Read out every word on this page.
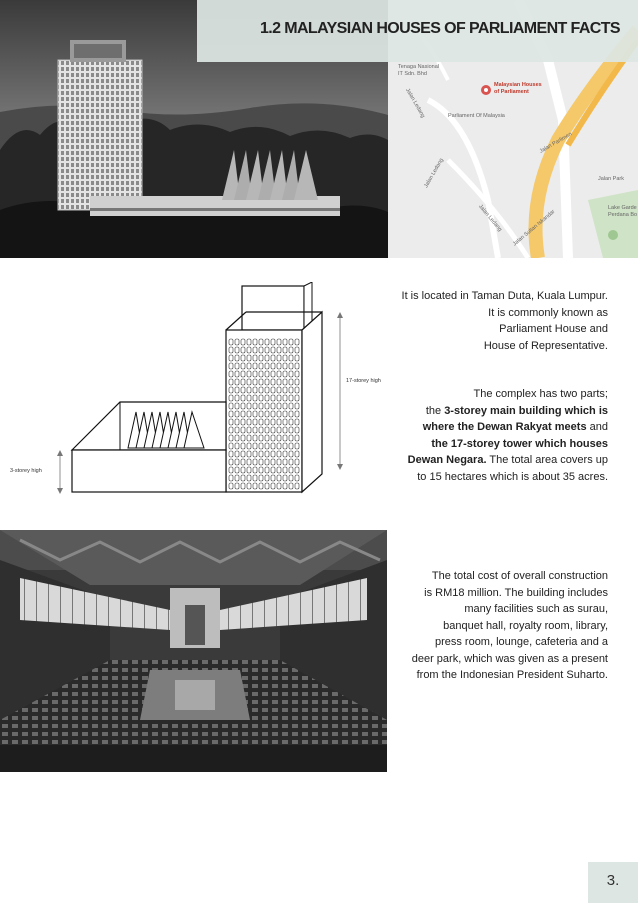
Tenaga Nasional
IT Sdn. Bhd
Malaysian Houses
of Parliament
Parliament Of Malaysia
Jalan Parlimen
Jalan Ledang
Jalan Ledang
Jalan Ledang Jalan Sultan Iskandar
Jalan Park
Lake Garde
Perdana Bo
1.2 MALAYSIAN HOUSES OF PARLIAMENT FACTS
17-storey high
3-storey high
It is located in Taman Duta, Kuala Lumpur.
It is commonly known as
Parliament House and
House of Representative.
The complex has two parts;
the 3-storey main building which is
where the Dewan Rakyat meets and
the 17-storey tower which houses
Dewan Negara. The total area covers up
to 15 hectares which is about 35 acres.
The total cost of overall construction
is RM18 million. The building includes
many facilities such as surau,
banquet hall, royalty room, library,
press room, lounge, cafeteria and a
deer park, which was given as a present
from the Indonesian President Suharto.
3.
